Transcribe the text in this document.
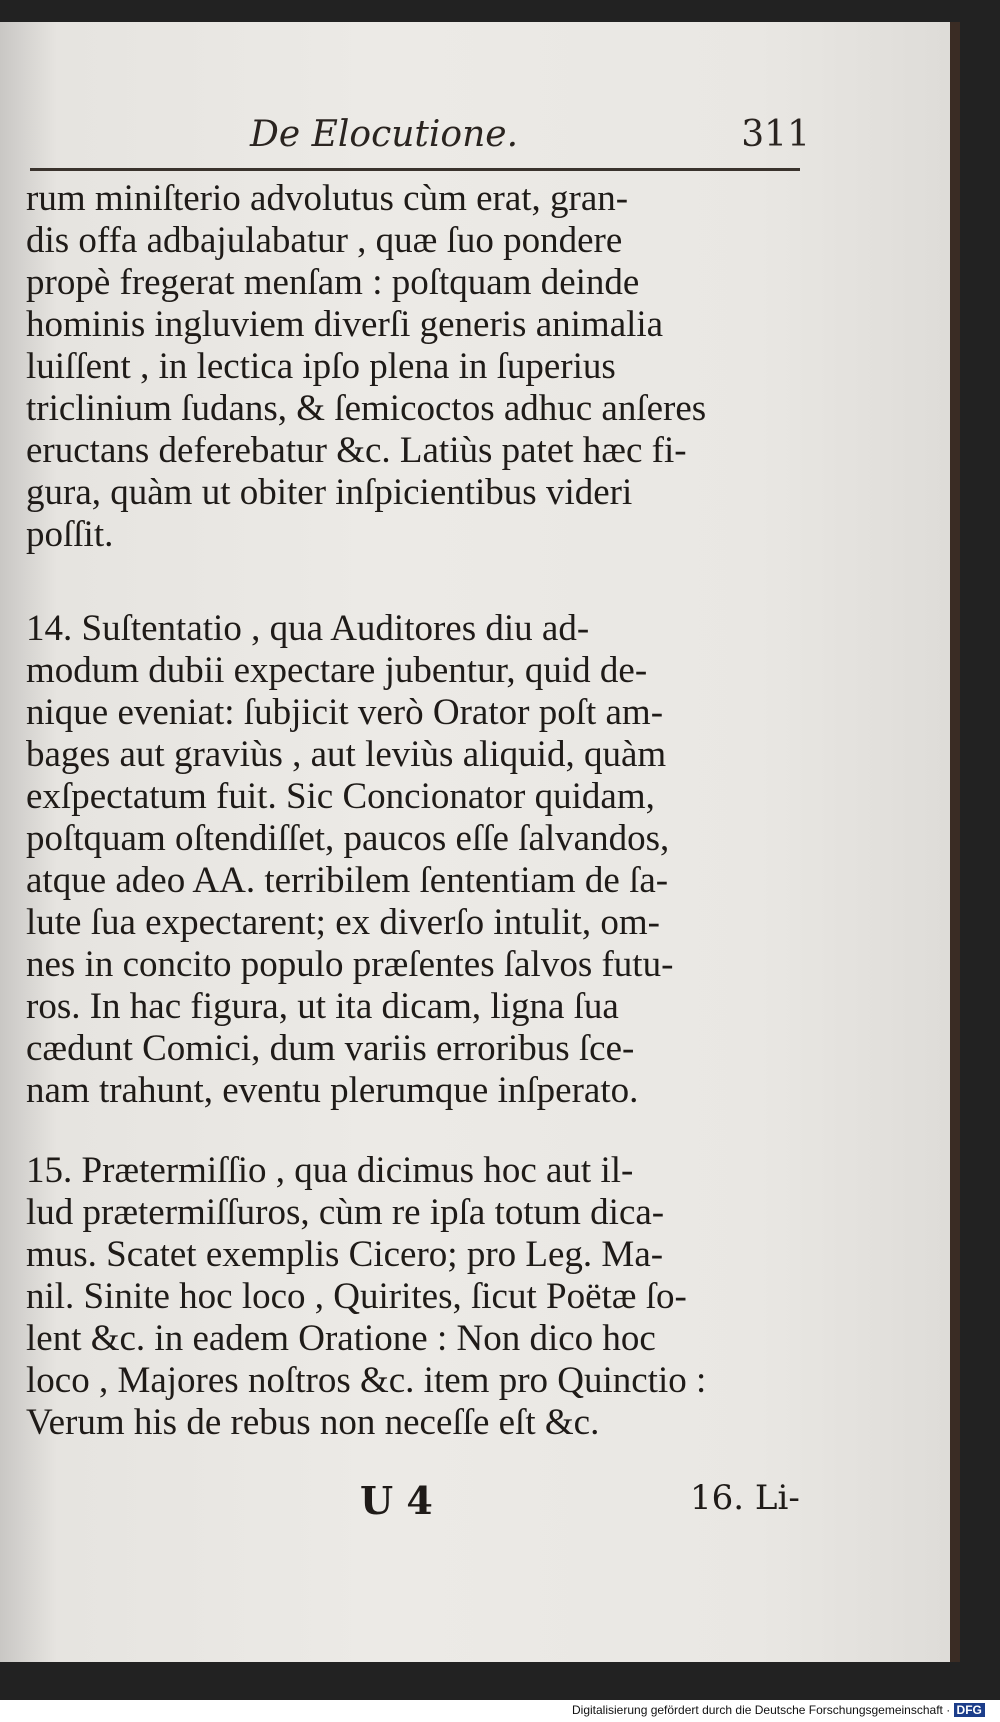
De Elocutione.	311

rum miniſterio advolutus cùm erat, gran-
dis offa adbajulabatur , quæ ſuo pondere
propè fregerat menſam : poſtquam deinde
hominis ingluviem diverſi generis animalia
luiſſent , in lectica ipſo plena in ſuperius
triclinium ſudans, & ſemicoctos adhuc anſeres
eructans deferebatur &c. Latiùs patet hæc fi-
gura, quàm ut obiter inſpicientibus videri
poſſit.

14. Suſtentatio , qua Auditores diu ad-
modum dubii expectare jubentur, quid de-
nique eveniat: ſubjicit verò Orator poſt am-
bages aut graviùs , aut leviùs aliquid, quàm
exſpectatum fuit. Sic Concionator quidam,
poſtquam oſtendiſſet, paucos eſſe ſalvandos,
atque adeo AA. terribilem ſententiam de ſa-
lute ſua expectarent; ex diverſo intulit, om-
nes in concito populo præſentes ſalvos futu-
ros. In hac figura, ut ita dicam, ligna ſua
cædunt Comici, dum variis erroribus ſce-
nam trahunt, eventu plerumque inſperato.

15. Prætermiſſio , qua dicimus hoc aut il-
lud prætermiſſuros, cùm re ipſa totum dica-
mus. Scatet exemplis Cicero; pro Leg. Ma-
nil. Sinite hoc loco , Quirites, ſicut Poëtæ ſo-
lent &c. in eadem Oratione : Non dico hoc
loco , Majores noſtros &c. item pro Quinctio :
Verum his de rebus non neceſſe eſt &c.

U 4	16. Li-
Digitalisierung gefördert durch die Deutsche Forschungsgemeinschaft · DFG
